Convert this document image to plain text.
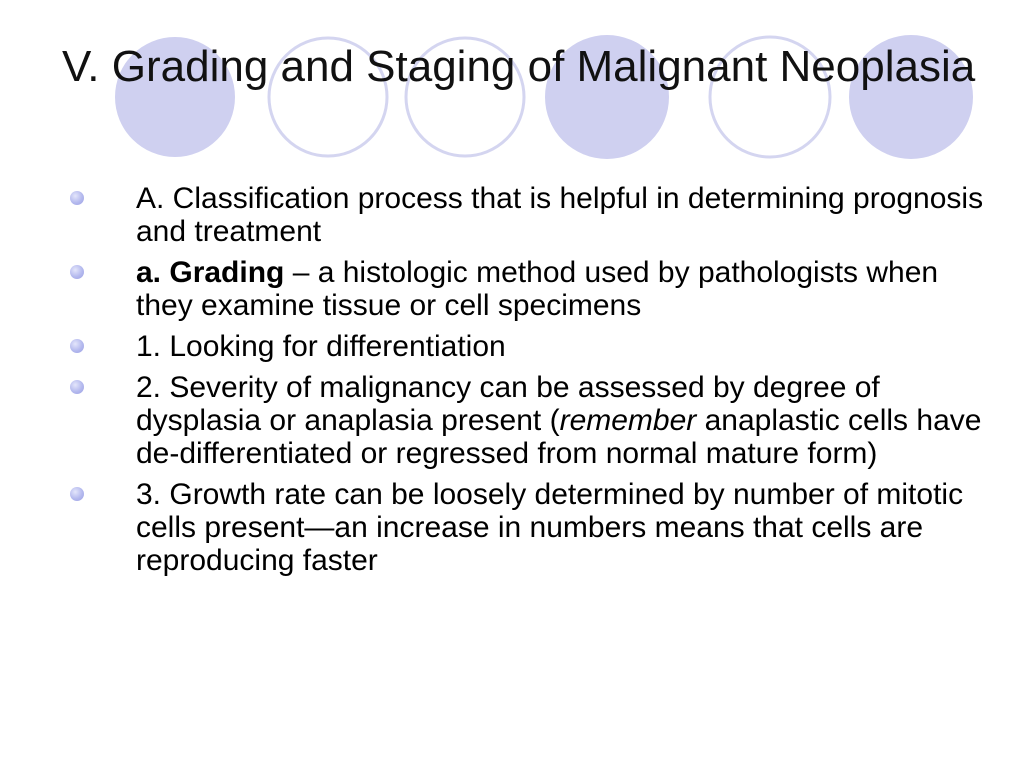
V. Grading and Staging of Malignant Neoplasia
A. Classification process that is helpful in determining prognosis and treatment
a. Grading – a histologic method used by pathologists when they examine tissue or cell specimens
1. Looking for differentiation
2. Severity of malignancy can be assessed by degree of dysplasia or anaplasia present (remember anaplastic cells have de-differentiated or regressed from normal mature form)
3. Growth rate can be loosely determined by number of mitotic cells present—an increase in numbers means that cells are reproducing faster
